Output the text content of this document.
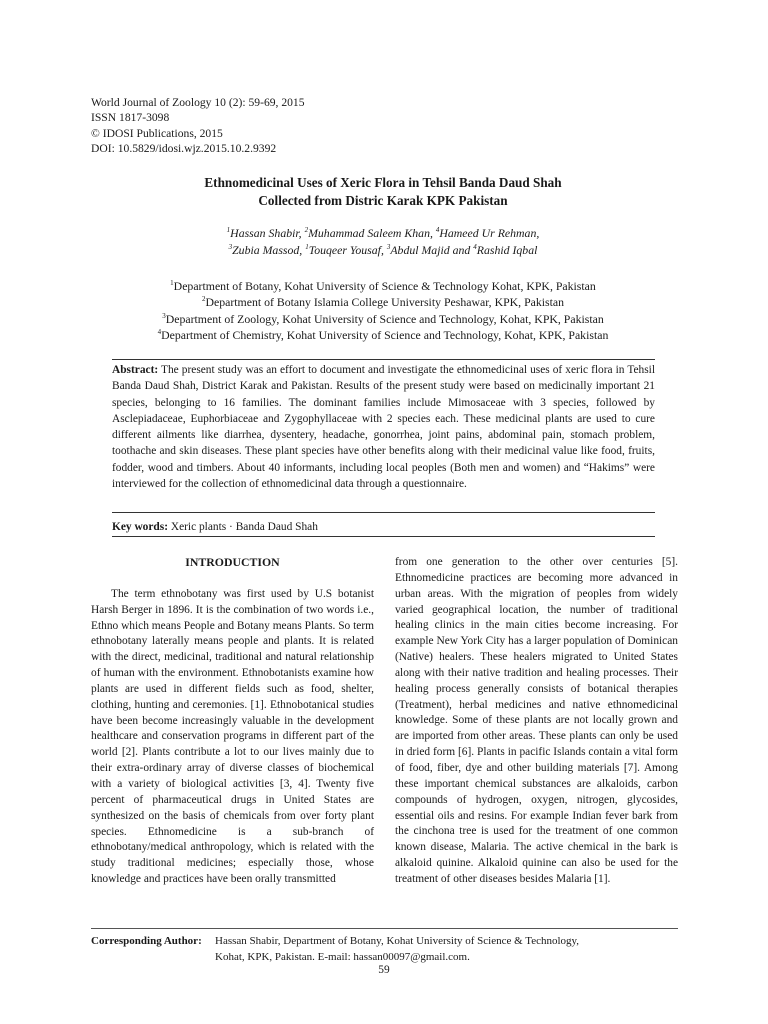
World Journal of Zoology 10 (2): 59-69, 2015
ISSN 1817-3098
© IDOSI Publications, 2015
DOI: 10.5829/idosi.wjz.2015.10.2.9392
Ethnomedicinal Uses of Xeric Flora in Tehsil Banda Daud Shah
Collected from Distric Karak KPK Pakistan
$^1$Hassan Shabir, $^2$Muhammad Saleem Khan, $^4$Hameed Ur Rehman,
$^3$Zubia Massod, $^1$Touqeer Yousaf, $^3$Abdul Majid and $^4$Rashid Iqbal
$^1$Department of Botany, Kohat University of Science & Technology Kohat, KPK, Pakistan
$^2$Department of Botany Islamia College University Peshawar, KPK, Pakistan
$^3$Department of Zoology, Kohat University of Science and Technology, Kohat, KPK, Pakistan
$^4$Department of Chemistry, Kohat University of Science and Technology, Kohat, KPK, Pakistan
Abstract: The present study was an effort to document and investigate the ethnomedicinal uses of xeric flora in Tehsil Banda Daud Shah, District Karak and Pakistan. Results of the present study were based on medicinally important 21 species, belonging to 16 families. The dominant families include Mimosaceae with 3 species, followed by Asclepiadaceae, Euphorbiaceae and Zygophyllaceae with 2 species each. These medicinal plants are used to cure different ailments like diarrhea, dysentery, headache, gonorrhea, joint pains, abdominal pain, stomach problem, toothache and skin diseases. These plant species have other benefits along with their medicinal value like food, fruits, fodder, wood and timbers. About 40 informants, including local peoples (Both men and women) and “Hakims” were interviewed for the collection of ethnomedicinal data through a questionnaire.
Key words: Xeric plants · Banda Daud Shah
INTRODUCTION

The term ethnobotany was first used by U.S botanist Harsh Berger in 1896. It is the combination of two words i.e., Ethno which means People and Botany means Plants. So term ethnobotany laterally means people and plants. It is related with the direct, medicinal, traditional and natural relationship of human with the environment. Ethnobotanists examine how plants are used in different fields such as food, shelter, clothing, hunting and ceremonies. [1]. Ethnobotanical studies have been become increasingly valuable in the development healthcare and conservation programs in different part of the world [2]. Plants contribute a lot to our lives mainly due to their extra-ordinary array of diverse classes of biochemical with a variety of biological activities [3, 4]. Twenty five percent of pharmaceutical drugs in United States are synthesized on the basis of chemicals from over forty plant species. Ethnomedicine is a sub-branch of ethnobotany/medical anthropology, which is related with the study traditional medicines; especially those, whose knowledge and practices have been orally transmitted

from one generation to the other over centuries [5]. Ethnomedicine practices are becoming more advanced in urban areas. With the migration of peoples from widely varied geographical location, the number of traditional healing clinics in the main cities become increasing. For example New York City has a larger population of Dominican (Native) healers. These healers migrated to United States along with their native tradition and healing processes. Their healing process generally consists of botanical therapies (Treatment), herbal medicines and native ethnomedicinal knowledge. Some of these plants are not locally grown and are imported from other areas. These plants can only be used in dried form [6]. Plants in pacific Islands contain a vital form of food, fiber, dye and other building materials [7]. Among these important chemical substances are alkaloids, carbon compounds of hydrogen, oxygen, nitrogen, glycosides, essential oils and resins. For example Indian fever bark from the cinchona tree is used for the treatment of one common known disease, Malaria. The active chemical in the bark is alkaloid quinine. Alkaloid quinine can also be used for the treatment of other diseases besides Malaria [1].

Corresponding Author: Hassan Shabir, Department of Botany, Kohat University of Science & Technology,
Kohat, KPK, Pakistan. E-mail: hassan00097@gmail.com.
59
